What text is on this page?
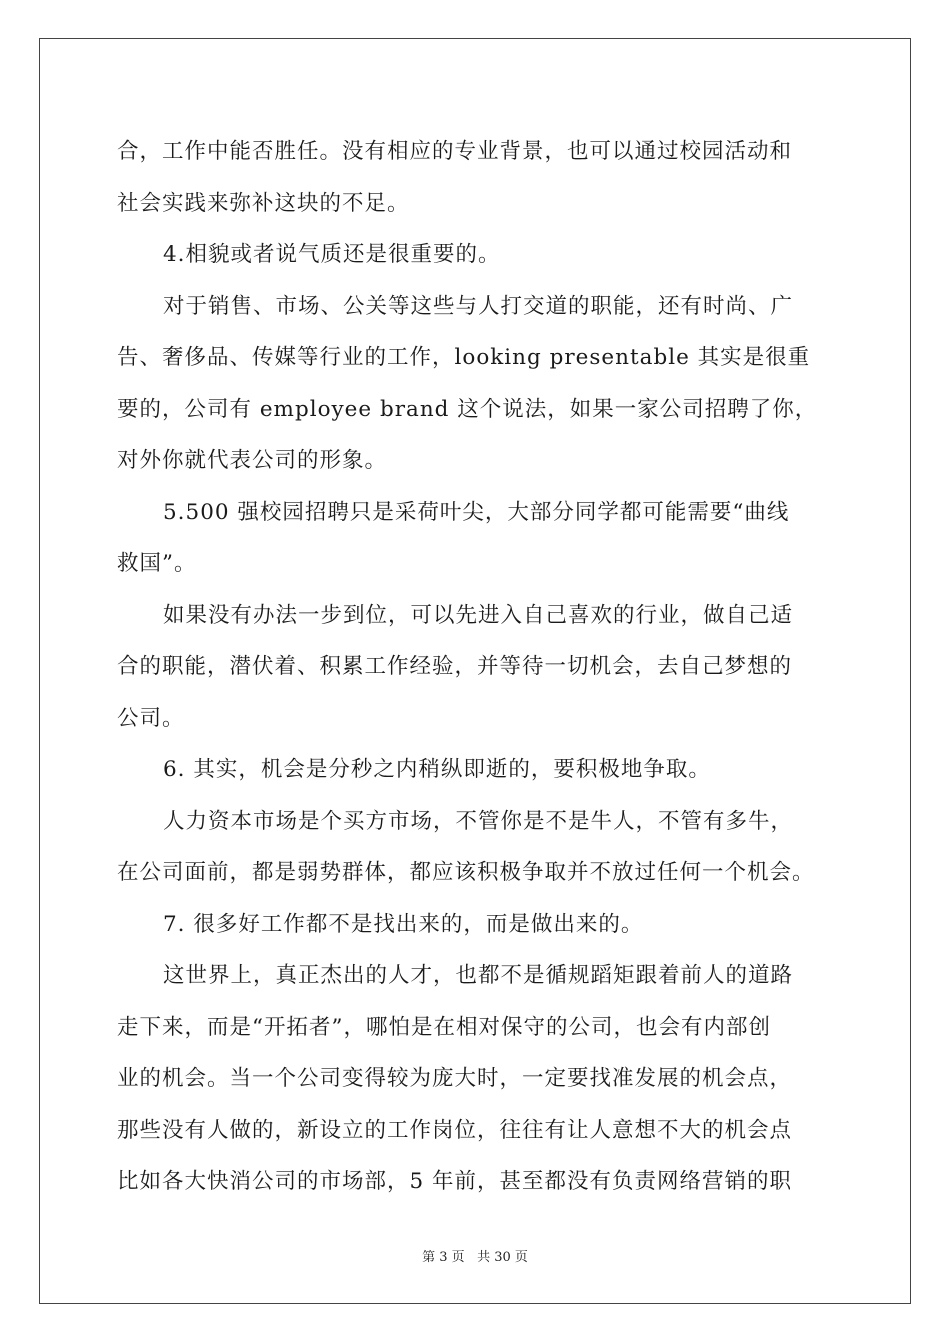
合，工作中能否胜任。没有相应的专业背景，也可以通过校园活动和
社会实践来弥补这块的不足。
4.相貌或者说气质还是很重要的。
对于销售、市场、公关等这些与人打交道的职能，还有时尚、广
告、奢侈品、传媒等行业的工作，looking presentable 其实是很重
要的，公司有 employee brand 这个说法，如果一家公司招聘了你，
对外你就代表公司的形象。
5.500 强校园招聘只是采荷叶尖，大部分同学都可能需要“曲线
救国”。
如果没有办法一步到位，可以先进入自己喜欢的行业，做自己适
合的职能，潜伏着、积累工作经验，并等待一切机会，去自己梦想的
公司。
6. 其实，机会是分秒之内稍纵即逝的，要积极地争取。
人力资本市场是个买方市场，不管你是不是牛人，不管有多牛，
在公司面前，都是弱势群体，都应该积极争取并不放过任何一个机会。
7. 很多好工作都不是找出来的，而是做出来的。
这世界上，真正杰出的人才，也都不是循规蹈矩跟着前人的道路
走下来，而是“开拓者”，哪怕是在相对保守的公司，也会有内部创
业的机会。当一个公司变得较为庞大时，一定要找准发展的机会点，
那些没有人做的，新设立的工作岗位，往往有让人意想不大的机会点
比如各大快消公司的市场部，5 年前，甚至都没有负责网络营销的职
第 3 页 共 30 页
